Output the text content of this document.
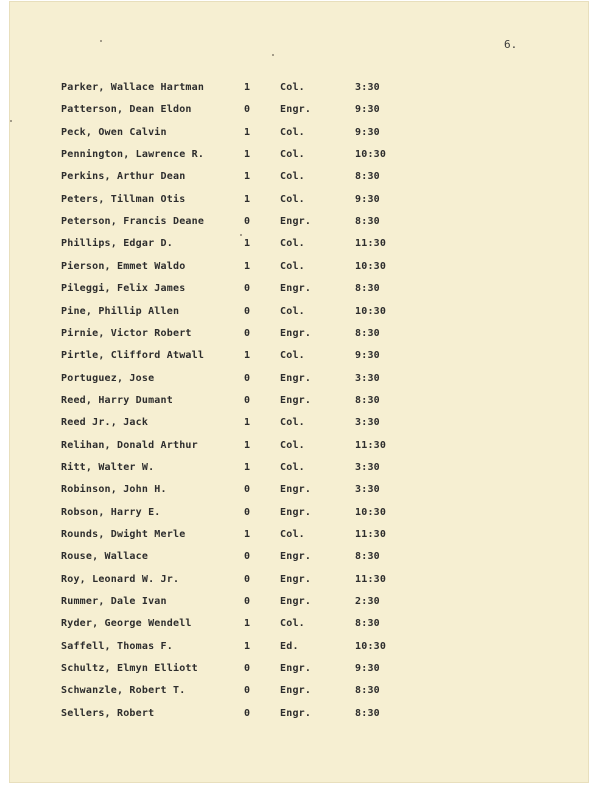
6.
Parker, Wallace Hartman	1	Col.	3:30
Patterson, Dean Eldon	0	Engr.	9:30
Peck, Owen Calvin	1	Col.	9:30
Pennington, Lawrence R.	1	Col.	10:30
Perkins, Arthur Dean	1	Col.	8:30
Peters, Tillman Otis	1	Col.	9:30
Peterson, Francis Deane	0	Engr.	8:30
Phillips, Edgar D.	1	Col.	11:30
Pierson, Emmet Waldo	1	Col.	10:30
Pileggi, Felix James	0	Engr.	8:30
Pine, Phillip Allen	0	Col.	10:30
Pirnie, Victor Robert	0	Engr.	8:30
Pirtle, Clifford Atwall	1	Col.	9:30
Portuguez, Jose	0	Engr.	3:30
Reed, Harry Dumant	0	Engr.	8:30
Reed Jr., Jack	1	Col.	3:30
Relihan, Donald Arthur	1	Col.	11:30
Ritt, Walter W.	1	Col.	3:30
Robinson, John H.	0	Engr.	3:30
Robson, Harry E.	0	Engr.	10:30
Rounds, Dwight Merle	1	Col.	11:30
Rouse, Wallace	0	Engr.	8:30
Roy, Leonard W. Jr.	0	Engr.	11:30
Rummer, Dale Ivan	0	Engr.	2:30
Ryder, George Wendell	1	Col.	8:30
Saffell, Thomas F.	1	Ed.	10:30
Schultz, Elmyn Elliott	0	Engr.	9:30
Schwanzle, Robert T.	0	Engr.	8:30
Sellers, Robert	0	Engr.	8:30
